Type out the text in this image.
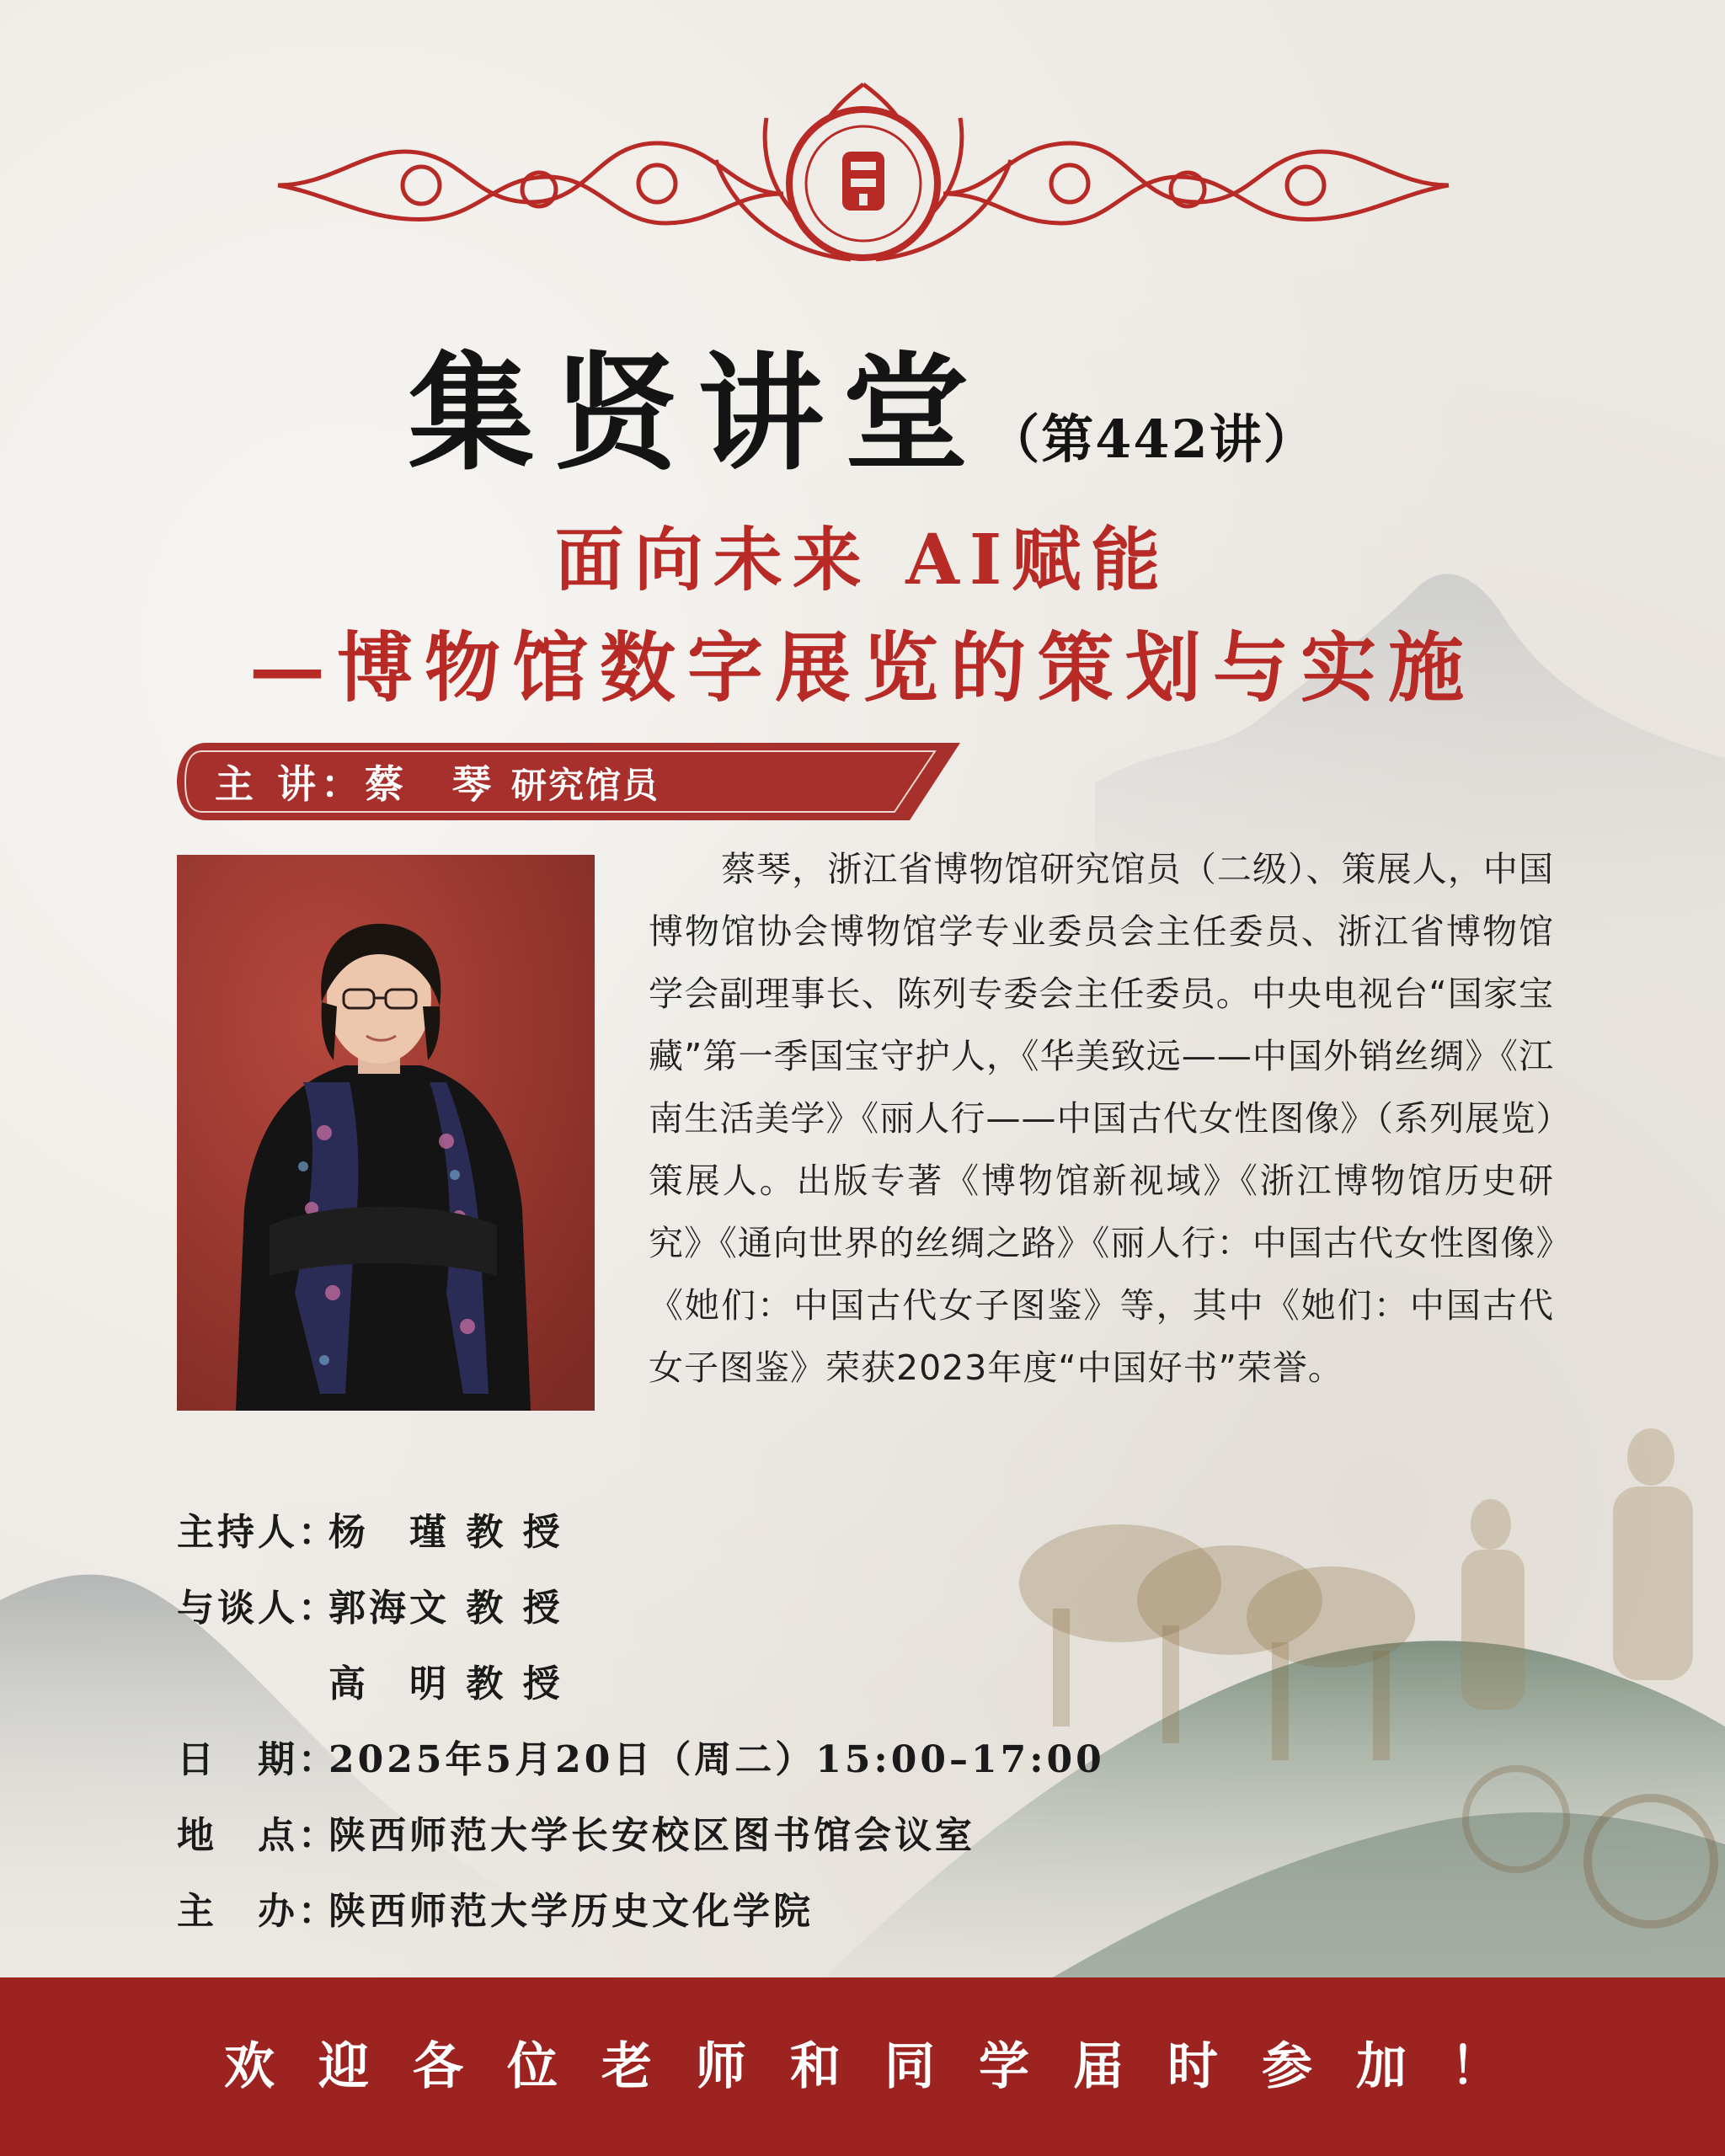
集贤讲堂（第442讲）
面向未来 AI赋能
—博物馆数字展览的策划与实施
主 讲：蔡　琴 研究馆员
蔡琴，浙江省博物馆研究馆员（二级）、策展人，中国博物馆协会博物馆学专业委员会主任委员、浙江省博物馆学会副理事长、陈列专委会主任委员。中央电视台“国家宝藏”第一季国宝守护人，《华美致远——中国外销丝绸》《江南生活美学》《丽人行——中国古代女性图像》（系列展览）策展人。出版专著《博物馆新视域》《浙江博物馆历史研究》《通向世界的丝绸之路》《丽人行：中国古代女性图像》《她们：中国古代女子图鉴》等，其中《她们：中国古代女子图鉴》荣获2023年度“中国好书”荣誉。
主持人：杨　瑾 教 授
与谈人：郭海文 教 授
高　明 教 授
日　期：2025年5月20日（周二）15:00–17:00
地　点：陕西师范大学长安校区图书馆会议室
主　办：陕西师范大学历史文化学院
欢迎各位老师和同学届时参加！
